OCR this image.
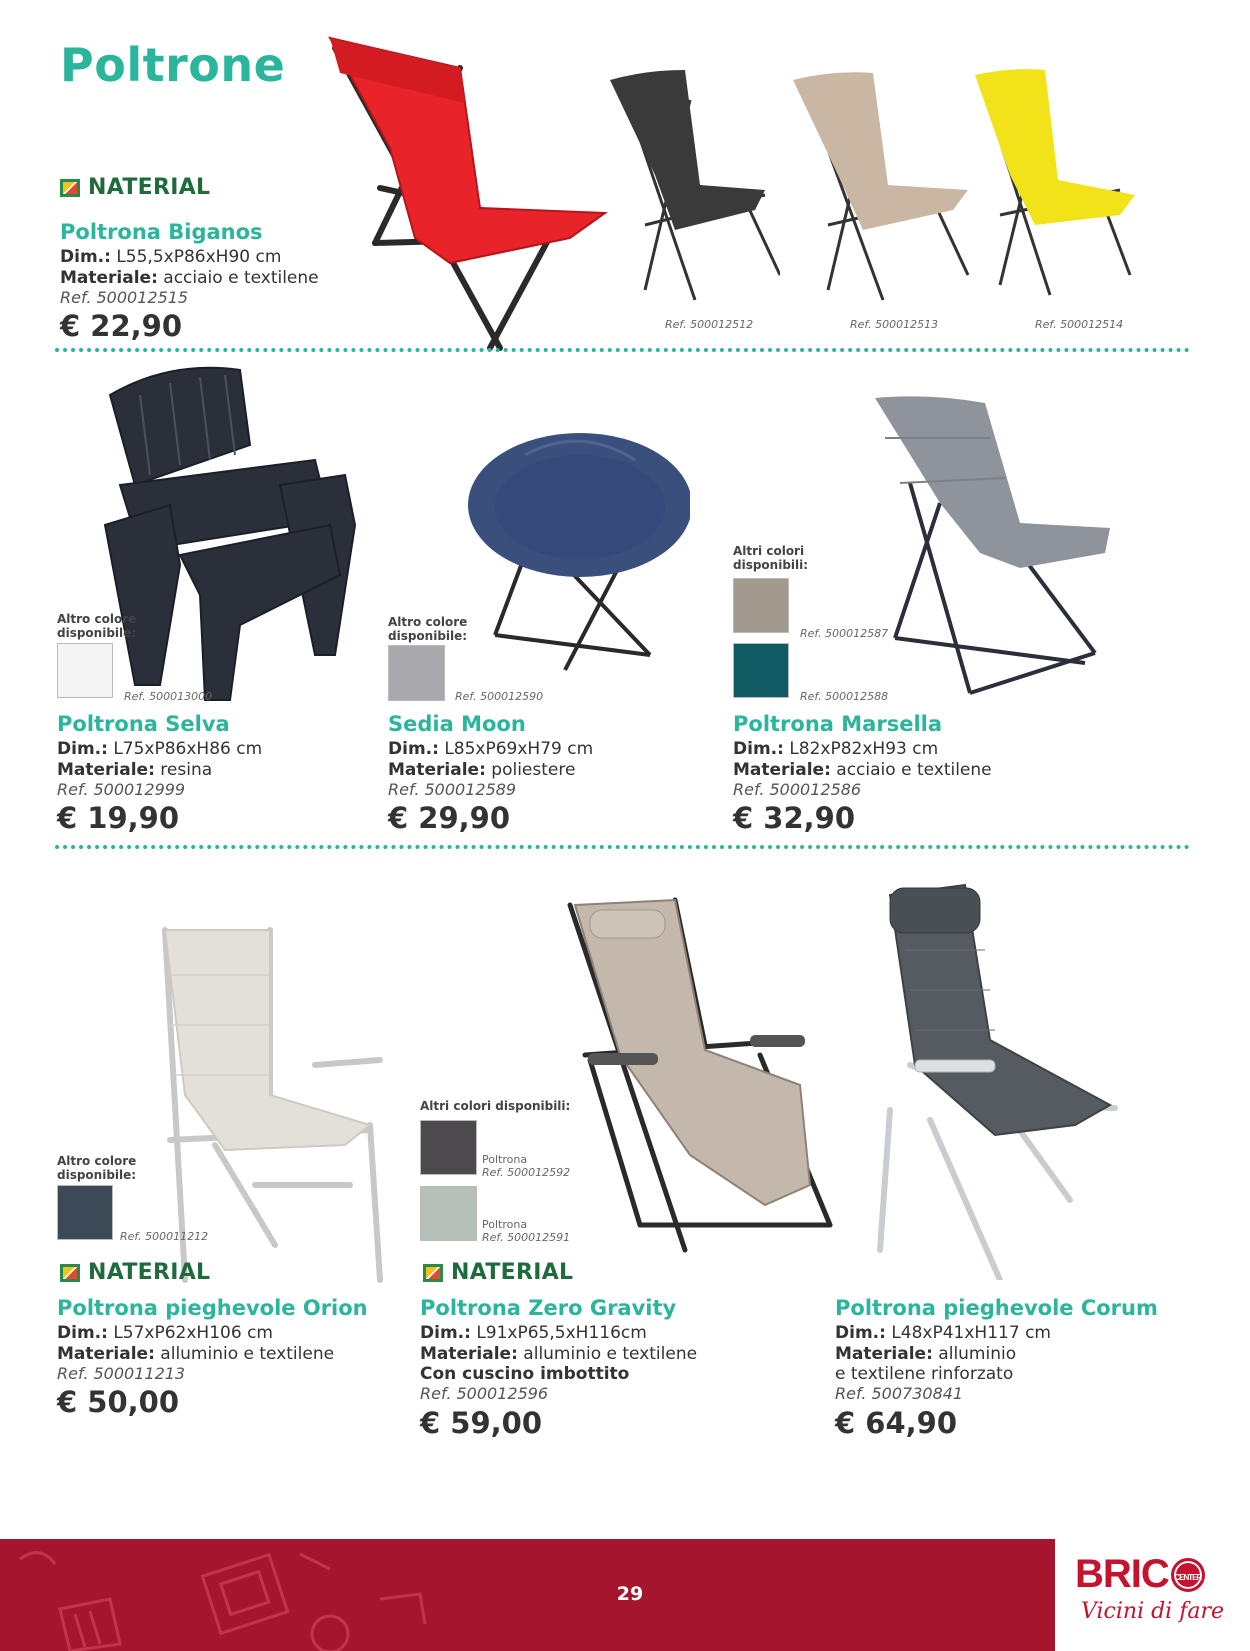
Poltrone
NATERIAL
Poltrona Biganos
Dim.: L55,5xP86xH90 cm
Materiale: acciaio e textilene
Ref. 500012515
€ 22,90	Ref. 500012512	Ref. 500012513	Ref. 500012514
Altro colore disponibile:
Ref. 500013000
Poltrona Selva
Dim.: L75xP86xH86 cm
Materiale: resina
Ref. 500012999
€ 19,90
Altro colore disponibile:
Ref. 500012590
Sedia Moon
Dim.: L85xP69xH79 cm
Materiale: poliestere
Ref. 500012589
€ 29,90
Altri colori disponibili:
Ref. 500012587
Ref. 500012588
Poltrona Marsella
Dim.: L82xP82xH93 cm
Materiale: acciaio e textilene
Ref. 500012586
€ 32,90
Altro colore disponibile:
Ref. 500011212
NATERIAL
Poltrona pieghevole Orion
Dim.: L57xP62xH106 cm
Materiale: alluminio e textilene
Ref. 500011213
€ 50,00
Altri colori disponibili:
Poltrona
Ref. 500012592
Poltrona
Ref. 500012591
NATERIAL
Poltrona Zero Gravity
Dim.: L91xP65,5xH116cm
Materiale: alluminio e textilene
Con cuscino imbottito
Ref. 500012596
€ 59,00
Poltrona pieghevole Corum
Dim.: L48xP41xH117 cm
Materiale: alluminio
e textilene rinforzato
Ref. 500730841
€ 64,90
29	BRIC CENTER
Vicini di fare
